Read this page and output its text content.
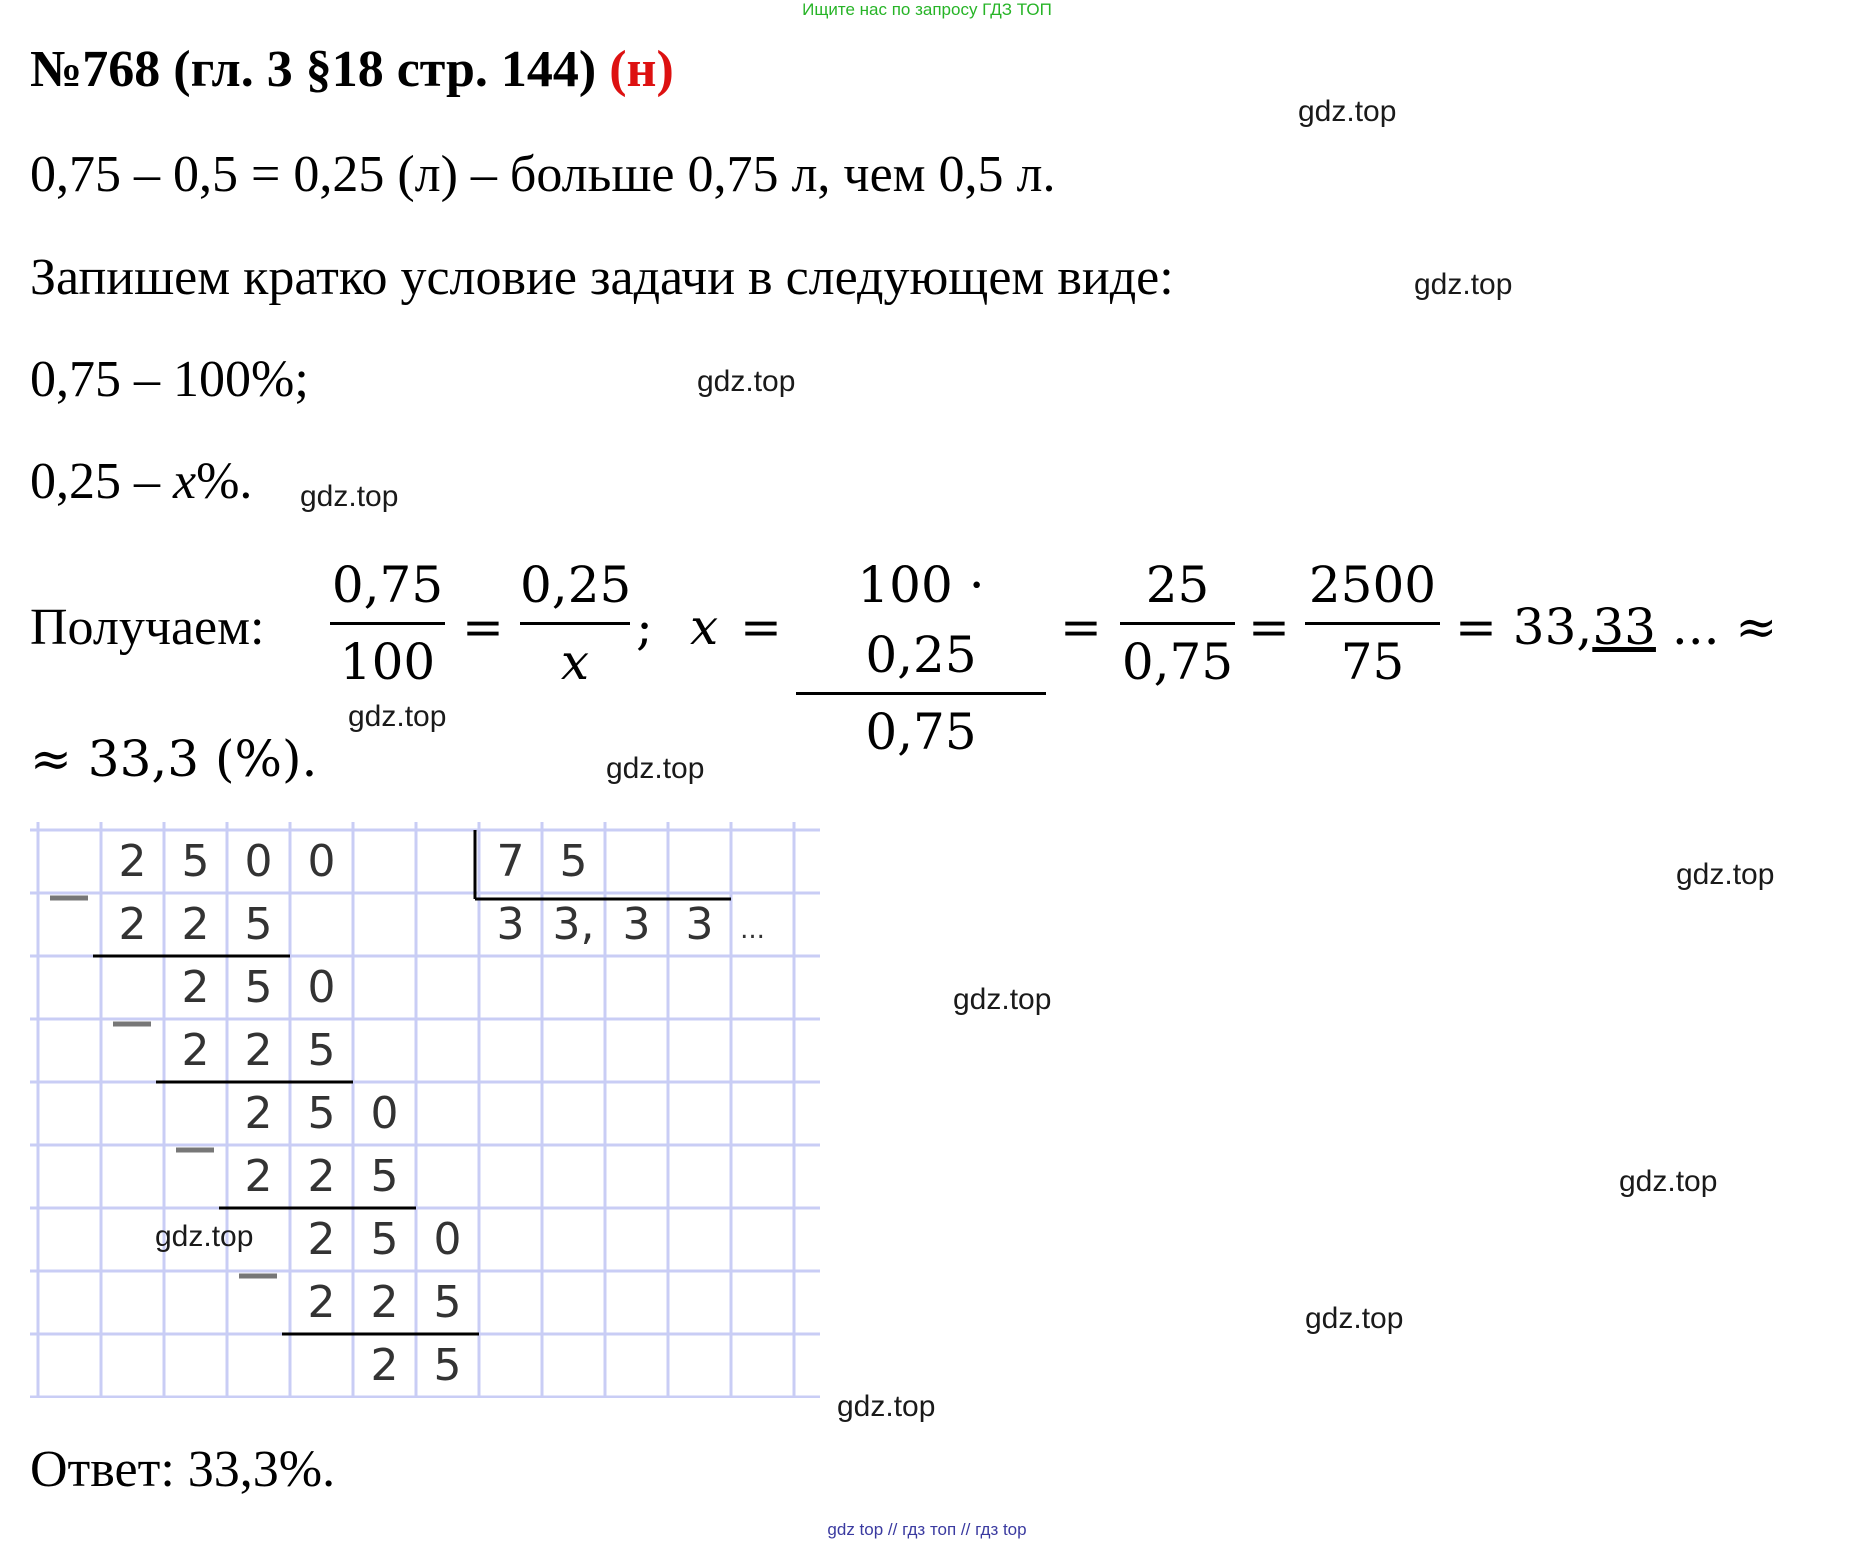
Ищите нас по запросу ГДЗ ТОП
№768 (гл. 3 §18 стр. 144) (н)
0,75 – 0,5 = 0,25 (л) – больше 0,75 л, чем 0,5 л.
Запишем кратко условие задачи в следующем виде:
0,75 – 100%;
0,25 – x%.
Получаем:
0,75
100
=
0,25
x
; x =
100 · 0,25
0,75
=
25
0,75
=
2500
75
= 33,33 ... ≈
≈ 33,3 (%).
2 5 0 0	7 5
3 3, 3 3	...
2 2 5
2 5 0
2 2 5
2 5 0
2 2 5
2 5 0
2 2 5
2 5
Ответ: 33,3%.
gdz.top
gdz.top
gdz.top
gdz.top
gdz.top
gdz.top
gdz.top
gdz.top
gdz.top
gdz.top
gdz.top
gdz.top
gdz top // гдз топ // гдз top
